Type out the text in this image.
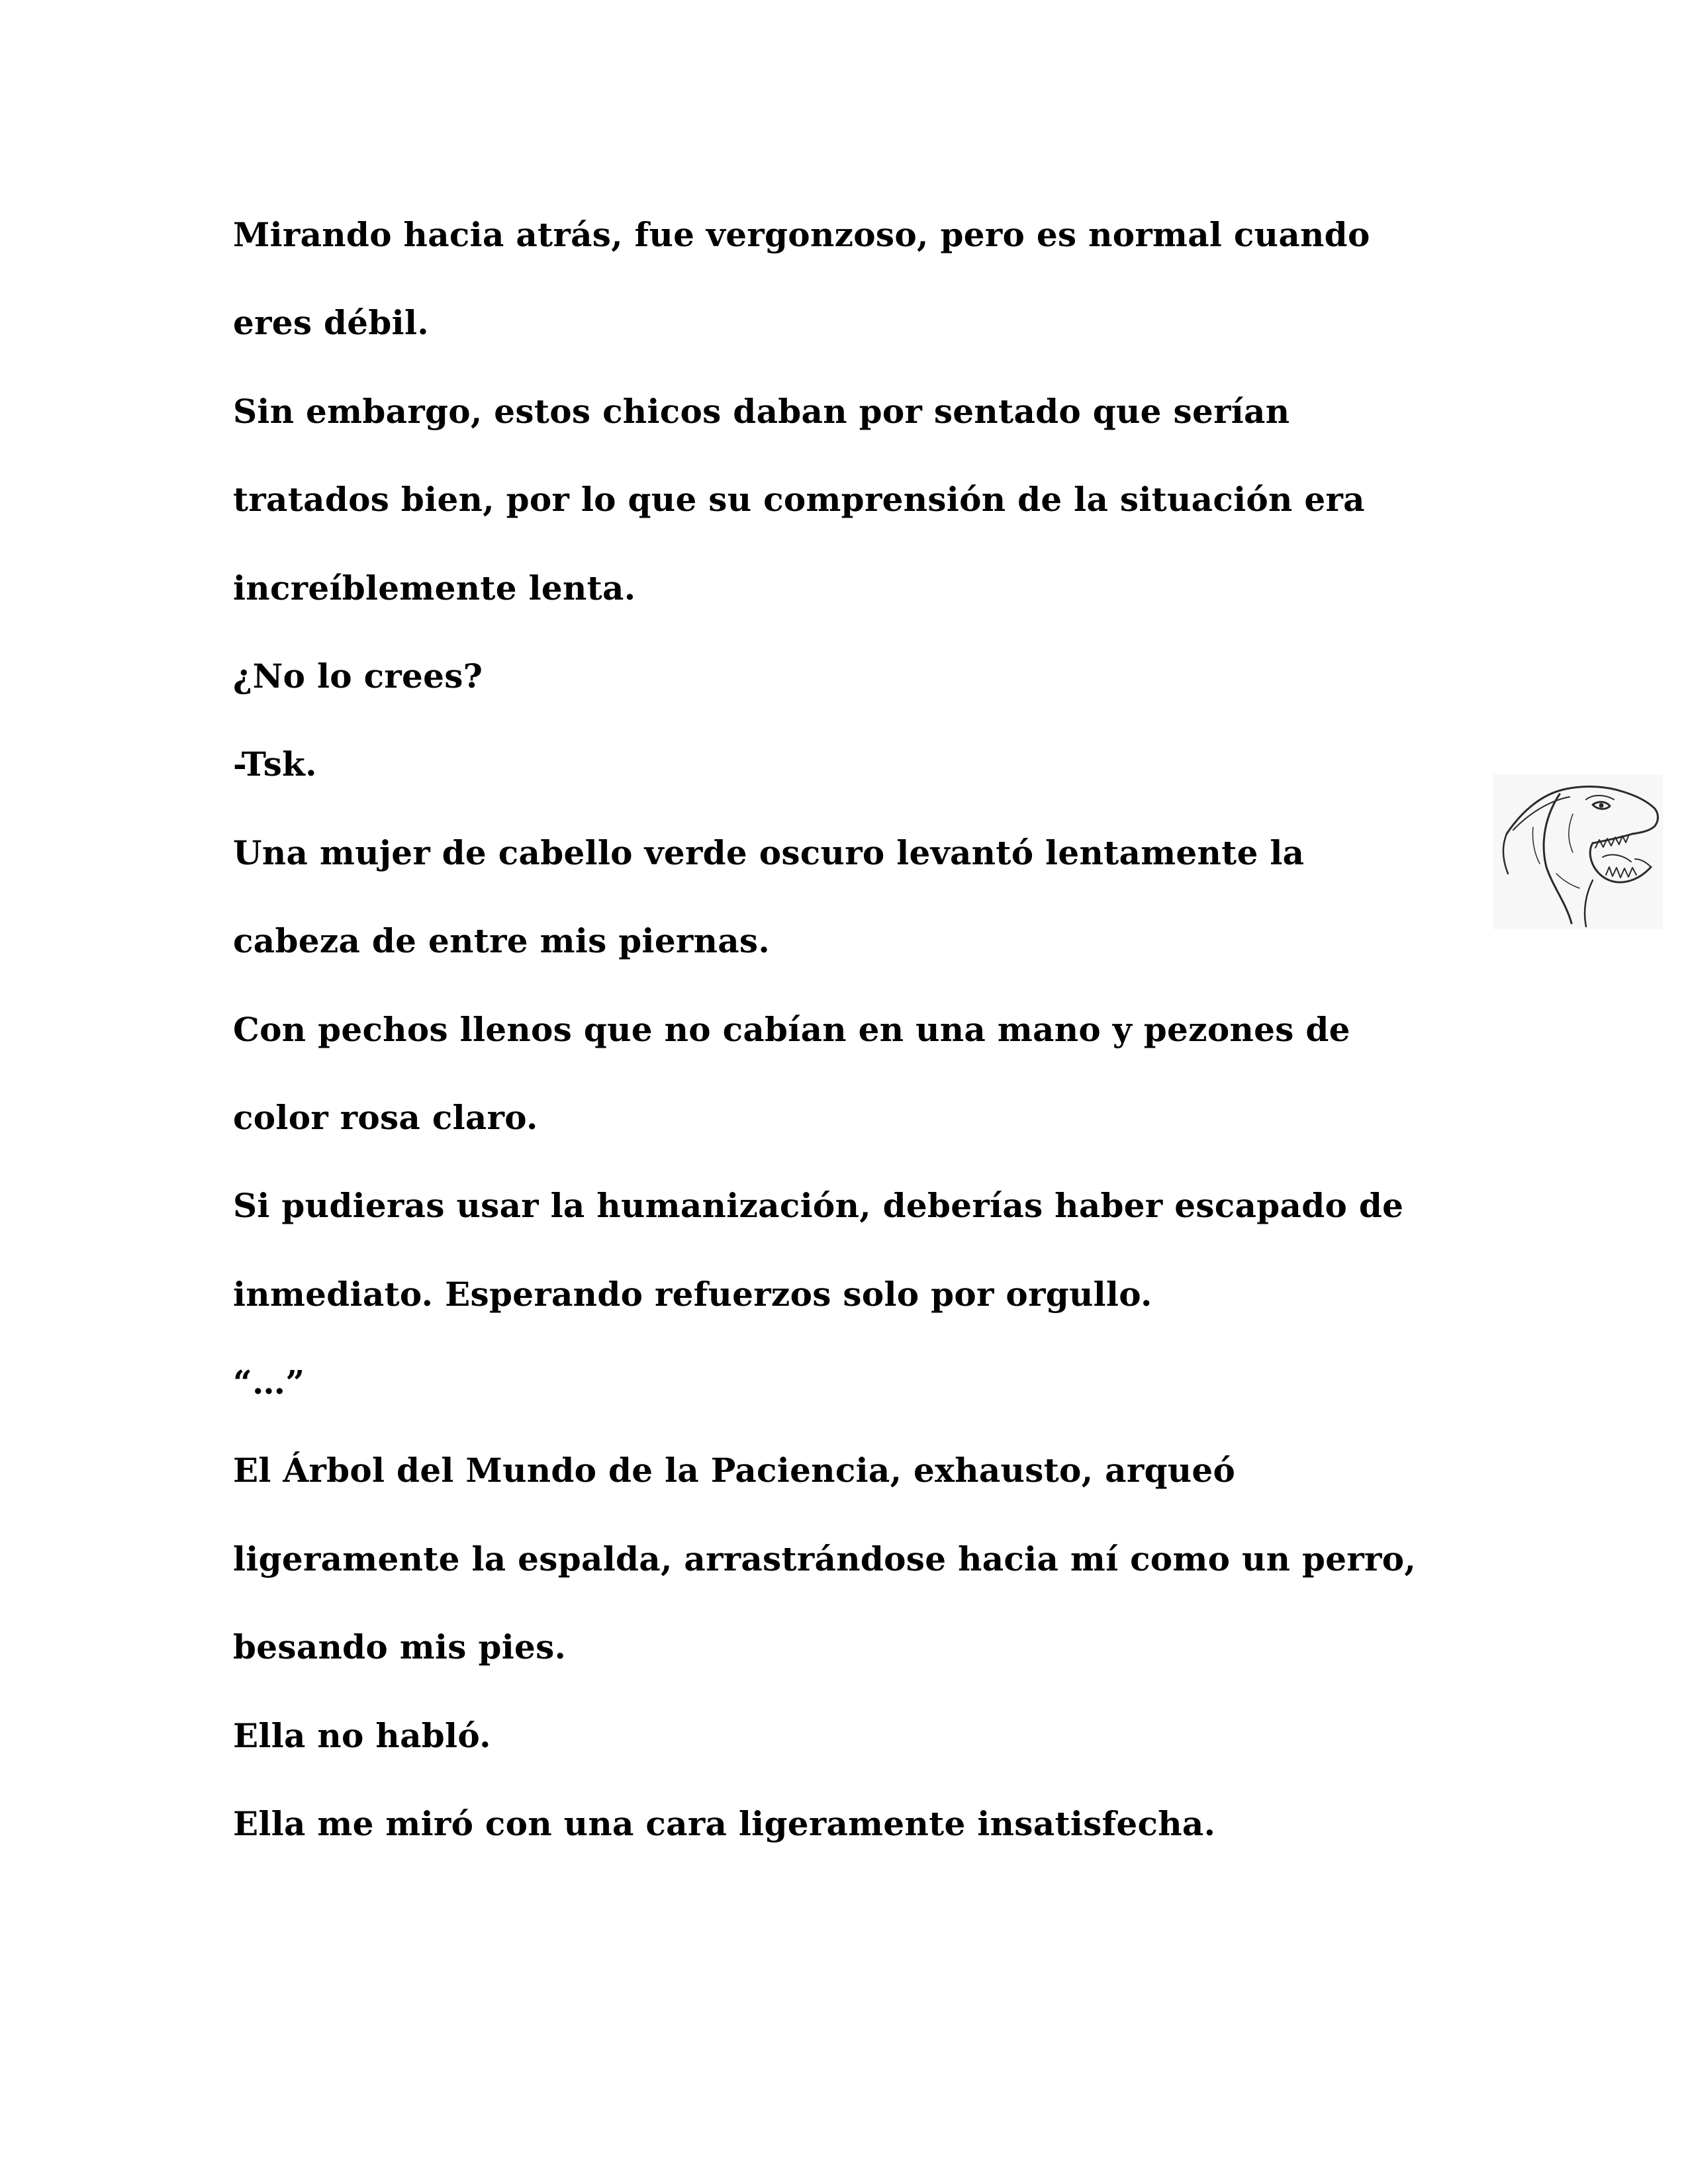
Mirando hacia atrás, fue vergonzoso, pero es normal cuando
eres débil.
Sin embargo, estos chicos daban por sentado que serían
tratados bien, por lo que su comprensión de la situación era
increíblemente lenta.
¿No lo crees?
-Tsk.
Una mujer de cabello verde oscuro levantó lentamente la
cabeza de entre mis piernas.
Con pechos llenos que no cabían en una mano y pezones de
color rosa claro.
Si pudieras usar la humanización, deberías haber escapado de
inmediato. Esperando refuerzos solo por orgullo.
“…”
El Árbol del Mundo de la Paciencia, exhausto, arqueó
ligeramente la espalda, arrastrándose hacia mí como un perro,
besando mis pies.
Ella no habló.
Ella me miró con una cara ligeramente insatisfecha.
